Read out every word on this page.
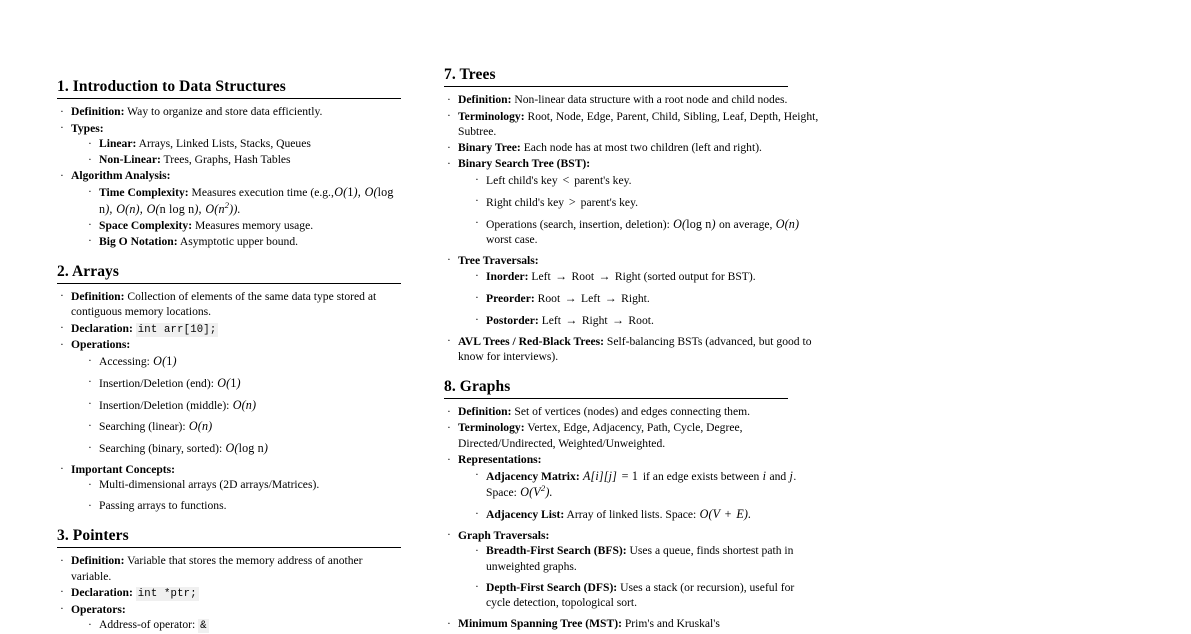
1. Introduction to Data Structures
· Definition: Way to organize and store data efficiently.
· Types:
· Linear: Arrays, Linked Lists, Stacks, Queues
· Non-Linear: Trees, Graphs, Hash Tables
· Algorithm Analysis:
· Time Complexity: Measures execution time (e.g.,O(1), O(log n), O(n), O(n log n), $O(n^2)$).
· Space Complexity: Measures memory usage.
· Big O Notation: Asymptotic upper bound.
2. Arrays
· Definition: Collection of elements of the same data type stored at contiguous memory locations.
· Declaration: int arr[10];
· Operations:
· Accessing: O(1)
· Insertion/Deletion (end): O(1)
· Insertion/Deletion (middle): O(n)
· Searching (linear): O(n)
· Searching (binary, sorted): O(log n)
· Important Concepts:
· Multi-dimensional arrays (2D arrays/Matrices).
· Passing arrays to functions.
3. Pointers
· Definition: Variable that stores the memory address of another variable.
· Declaration: int *ptr;
· Operators:
· Address-of operator: &
7. Trees
· Definition: Non-linear data structure with a root node and child nodes.
· Terminology: Root, Node, Edge, Parent, Child, Sibling, Leaf, Depth, Height, Subtree.
· Binary Tree: Each node has at most two children (left and right).
· Binary Search Tree (BST):
· Left child's key < parent's key.
· Right child's key > parent's key.
· Operations (search, insertion, deletion): O(log n) on average, O(n) worst case.
· Tree Traversals:
· Inorder: Left → Root → Right (sorted output for BST).
· Preorder: Root → Left → Right.
· Postorder: Left → Right → Root.
· AVL Trees / Red-Black Trees: Self-balancing BSTs (advanced, but good to know for interviews).
8. Graphs
· Definition: Set of vertices (nodes) and edges connecting them.
· Terminology: Vertex, Edge, Adjacency, Path, Cycle, Degree, Directed/Undirected, Weighted/Unweighted.
· Representations:
· Adjacency Matrix: A[i][j] = 1 if an edge exists between i and j. Space: $O(V^2)$.
· Adjacency List: Array of linked lists. Space: O(V + E).
· Graph Traversals:
· Breadth-First Search (BFS): Uses a queue, finds shortest path in unweighted graphs.
· Depth-First Search (DFS): Uses a stack (or recursion), useful for cycle detection, topological sort.
· Minimum Spanning Tree (MST): Prim's and Kruskal's
